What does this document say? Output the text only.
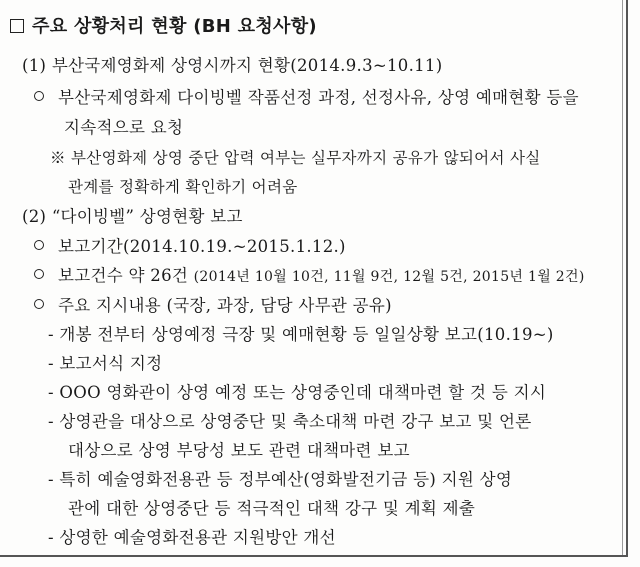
주요 상황처리 현황 (BH 요청사항)
(1) 부산국제영화제 상영시까지 현황(2014.9.3~10.11)
부산국제영화제 다이빙벨 작품선정 과정, 선정사유, 상영 예매현황 등을
지속적으로 요청
※ 부산영화제 상영 중단 압력 여부는 실무자까지 공유가 않되어서 사실
관계를 정확하게 확인하기 어려움
(2) “다이빙벨” 상영현황 보고
보고기간(2014.10.19.~2015.1.12.)
보고건수 약 26건 (2014년 10월 10건, 11월 9건, 12월 5건, 2015년 1월 2건)
주요 지시내용 (국장, 과장, 담당 사무관 공유)
- 개봉 전부터 상영예정 극장 및 예매현황 등 일일상황 보고(10.19~)
- 보고서식 지정
- OOO 영화관이 상영 예정 또는 상영중인데 대책마련 할 것 등 지시
- 상영관을 대상으로 상영중단 및 축소대책 마련 강구 보고 및 언론
대상으로 상영 부당성 보도 관련 대책마련 보고
- 특히 예술영화전용관 등 정부예산(영화발전기금 등) 지원 상영
관에 대한 상영중단 등 적극적인 대책 강구 및 계획 제출
- 상영한 예술영화전용관 지원방안 개선
